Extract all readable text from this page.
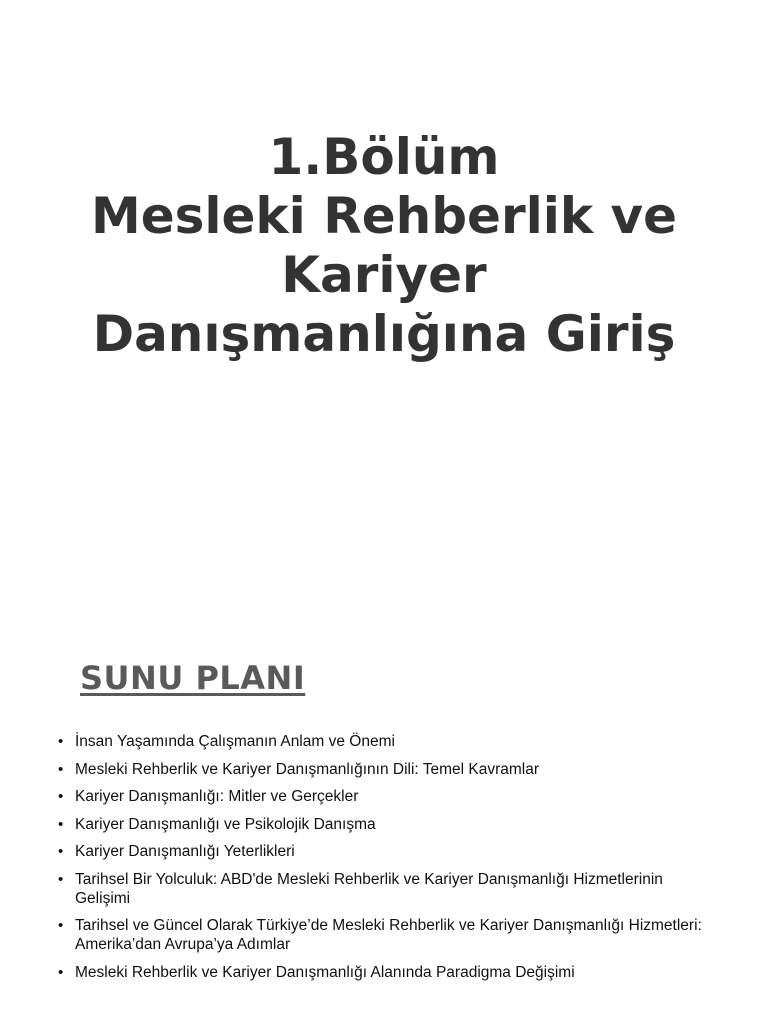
1.Bölüm
Mesleki Rehberlik ve
Kariyer
Danışmanlığına Giriş
SUNU PLANI
• İnsan Yaşamında Çalışmanın Anlam ve Önemi
• Mesleki Rehberlik ve Kariyer Danışmanlığının Dili: Temel Kavramlar
• Kariyer Danışmanlığı: Mitler ve Gerçekler
• Kariyer Danışmanlığı ve Psikolojik Danışma
• Kariyer Danışmanlığı Yeterlikleri
• Tarihsel Bir Yolculuk: ABD'de Mesleki Rehberlik ve Kariyer Danışmanlığı Hizmetlerinin Gelişimi
• Tarihsel ve Güncel Olarak Türkiye’de Mesleki Rehberlik ve Kariyer Danışmanlığı Hizmetleri: Amerika’dan Avrupa’ya Adımlar
• Mesleki Rehberlik ve Kariyer Danışmanlığı Alanında Paradigma Değişimi
